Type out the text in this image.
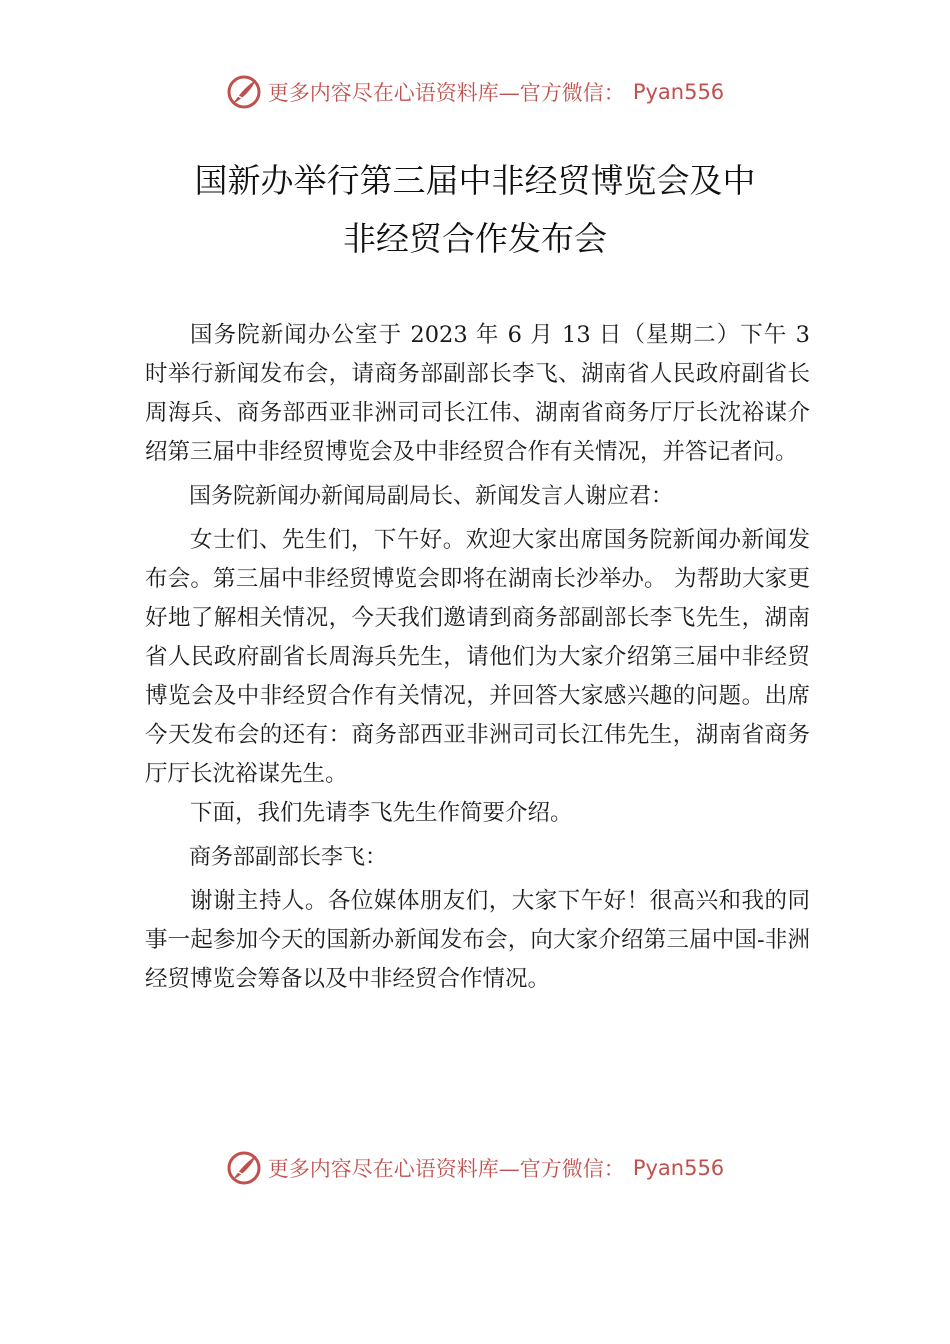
更多内容尽在心语资料库—官方微信： Pyan556
国新办举行第三届中非经贸博览会及中
非经贸合作发布会

国务院新闻办公室于 2023 年 6 月 13 日（星期二）下午 3 时举行新闻发布会，请商务部副部长李飞、湖南省人民政府副省长周海兵、商务部西亚非洲司司长江伟、湖南省商务厅厅长沈裕谋介绍第三届中非经贸博览会及中非经贸合作有关情况，并答记者问。

国务院新闻办新闻局副局长、新闻发言人谢应君：

女士们、先生们，下午好。欢迎大家出席国务院新闻办新闻发布会。第三届中非经贸博览会即将在湖南长沙举办。 为帮助大家更好地了解相关情况，今天我们邀请到商务部副部长李飞先生，湖南省人民政府副省长周海兵先生，请他们为大家介绍第三届中非经贸博览会及中非经贸合作有关情况，并回答大家感兴趣的问题。出席今天发布会的还有：商务部西亚非洲司司长江伟先生，湖南省商务厅厅长沈裕谋先生。

下面，我们先请李飞先生作简要介绍。

商务部副部长李飞：

谢谢主持人。各位媒体朋友们，大家下午好！很高兴和我的同事一起参加今天的国新办新闻发布会，向大家介绍第三届中国-非洲经贸博览会筹备以及中非经贸合作情况。

更多内容尽在心语资料库—官方微信： Pyan556
